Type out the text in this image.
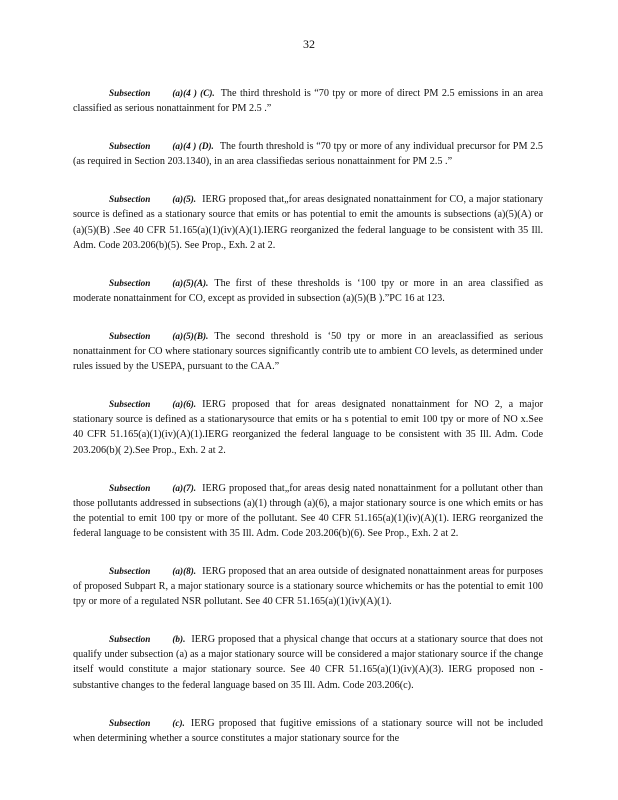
32

Subsection (a)(4 ) (C). The third threshold is “70 tpy or more of direct PM 2.5 emissions in an area classified as serious nonattainment for PM 2.5 .”

Subsection (a)(4 ) (D). The fourth threshold is “70 tpy or more of any individual precursor for PM 2.5 (as required in Section 203.1340), in an area classifiedas serious nonattainment for PM 2.5 .”

Subsection (a)(5). IERG proposed that„for areas designated nonattainment for CO, a major stationary source is defined as a stationary source that emits or has potential to emit the amounts is subsections (a)(5)(A) or (a)(5)(B) .See 40 CFR 51.165(a)(1)(iv)(A)(1).IERG reorganized the federal language to be consistent with 35 Ill. Adm. Code 203.206(b)(5). See Prop., Exh. 2 at 2.

Subsection (a)(5)(A). The first of these thresholds is ‘100 tpy or more in an area classified as moderate nonattainment for CO, except as provided in subsection (a)(5)(B ).”PC 16 at 123.

Subsection (a)(5)(B). The second threshold is ‘50 tpy or more in an areaclassified as serious nonattainment for CO where stationary sources significantly contrib ute to ambient CO levels, as determined under rules issued by the USEPA, pursuant to the CAA.”

Subsection (a)(6). IERG proposed that for areas designated nonattainment for NO 2, a major stationary source is defined as a stationarysource that emits or ha s potential to emit 100 tpy or more of NO x.See 40 CFR 51.165(a)(1)(iv)(A)(1).IERG reorganized the federal language to be consistent with 35 Ill. Adm. Code 203.206(b)( 2).See Prop., Exh. 2 at 2.

Subsection (a)(7). IERG proposed that„for areas desig nated nonattainment for a pollutant other than those pollutants addressed in subsections (a)(1) through (a)(6), a major stationary source is one which emits or has the potential to emit 100 tpy or more of the pollutant. See 40 CFR 51.165(a)(1)(iv)(A)(1). IERG reorganized the federal language to be consistent with 35 Ill. Adm. Code 203.206(b)(6). See Prop., Exh. 2 at 2.

Subsection (a)(8). IERG proposed that an area outside of designated nonattainment areas for purposes of proposed Subpart R, a major stationary source is a stationary source whichemits or has the potential to emit 100 tpy or more of a regulated NSR pollutant. See 40 CFR 51.165(a)(1)(iv)(A)(1).

Subsection (b). IERG proposed that a physical change that occurs at a stationary source that does not qualify under subsection (a) as a major stationary source will be considered a major stationary source if the change itself would constitute a major stationary source. See 40 CFR 51.165(a)(1)(iv)(A)(3). IERG proposed non -substantive changes to the federal language based on 35 Ill. Adm. Code 203.206(c).

Subsection (c). IERG proposed that fugitive emissions of a stationary source will not be included when determining whether a source constitutes a major stationary source for the
